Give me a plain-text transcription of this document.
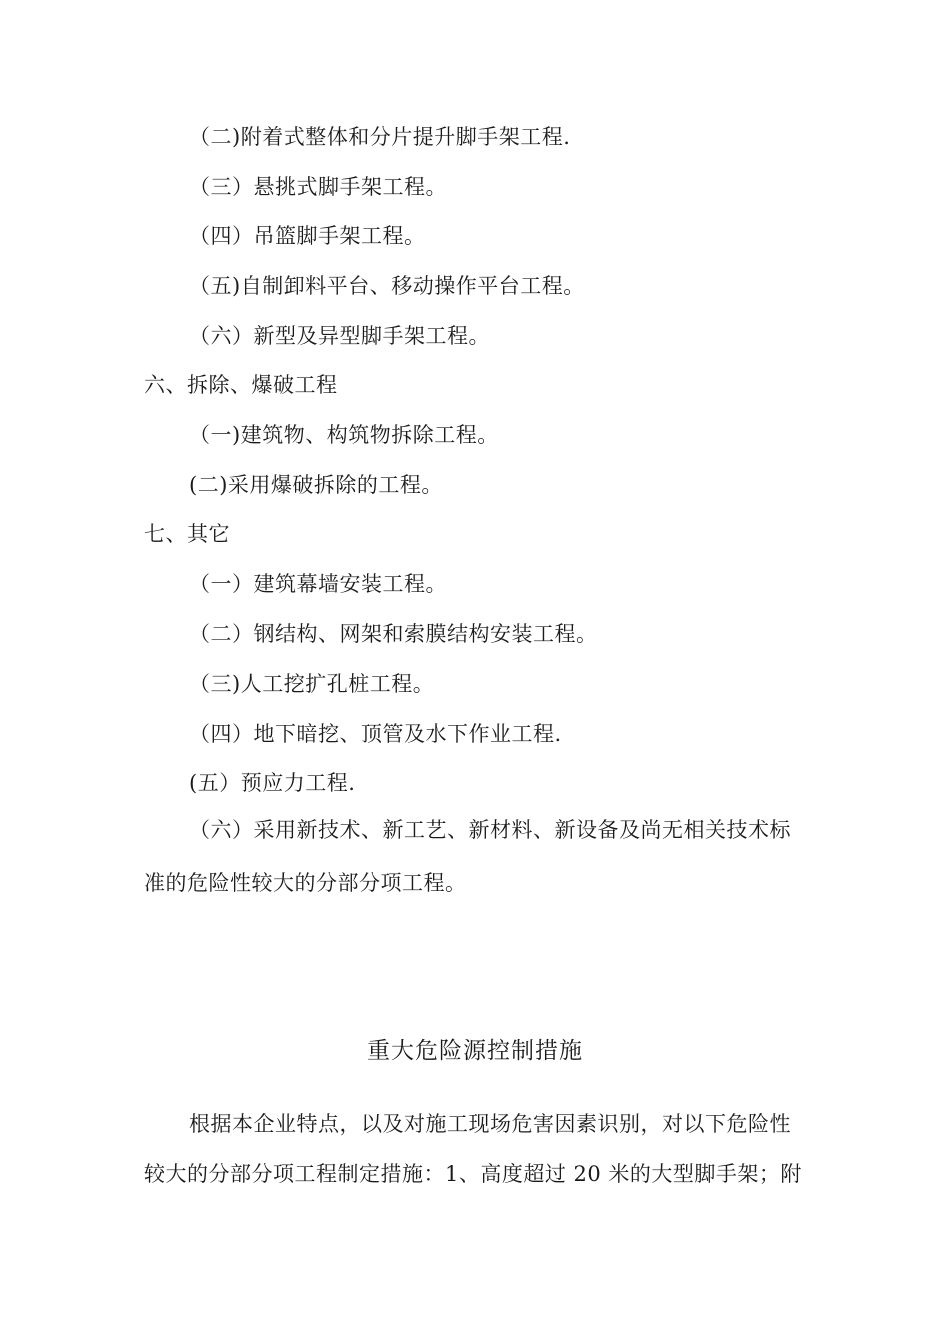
（二)附着式整体和分片提升脚手架工程.
（三）悬挑式脚手架工程。
（四）吊篮脚手架工程。
（五)自制卸料平台、移动操作平台工程。
（六）新型及异型脚手架工程。
六、拆除、爆破工程
（一)建筑物、构筑物拆除工程。
(二)采用爆破拆除的工程。
七、其它
（一）建筑幕墙安装工程。
（二）钢结构、网架和索膜结构安装工程。
（三)人工挖扩孔桩工程。
（四）地下暗挖、顶管及水下作业工程.
(五）预应力工程.
（六）采用新技术、新工艺、新材料、新设备及尚无相关技术标
准的危险性较大的分部分项工程。
重大危险源控制措施
根据本企业特点，以及对施工现场危害因素识别，对以下危险性
较大的分部分项工程制定措施：1、高度超过 20 米的大型脚手架；附
